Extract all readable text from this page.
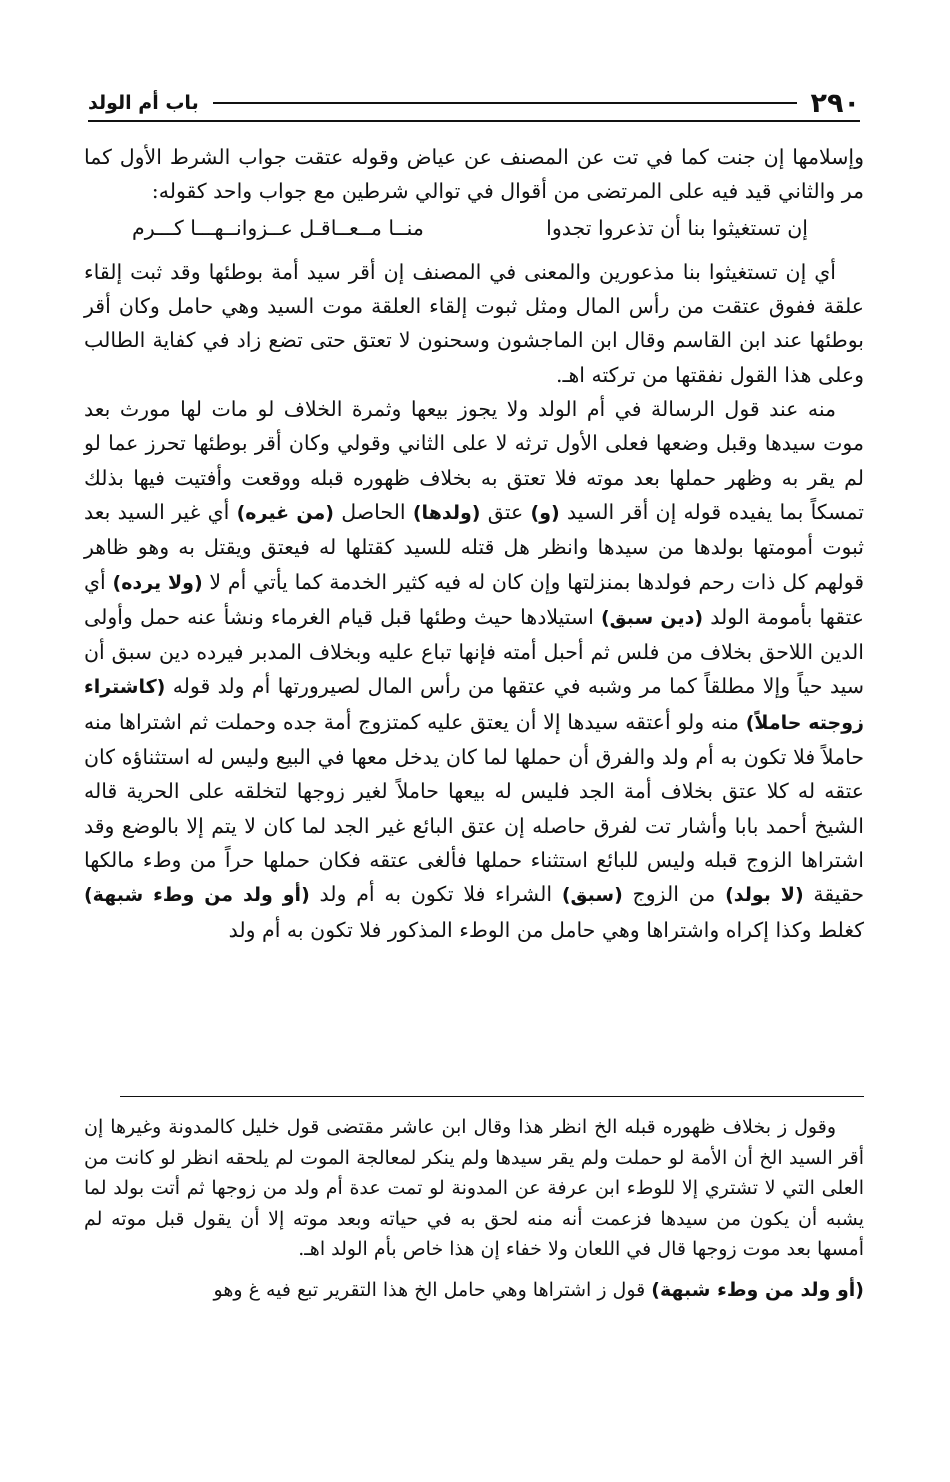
٢٩٠
باب أم الولد

وإسلامها إن جنت كما في تت عن المصنف عن عياض وقوله عتقت جواب الشرط الأول كما مر والثاني قيد فيه على المرتضى من أقوال في توالي شرطين مع جواب واحد كقوله:

إن تستغيثوا بنا أن تذعروا تجدوا
منــا مــعــاقـل عــزوانــهـــا كـــرم

أي إن تستغيثوا بنا مذعورين والمعنى في المصنف إن أقر سيد أمة بوطئها وقد ثبت إلقاء علقة ففوق عتقت من رأس المال ومثل ثبوت إلقاء العلقة موت السيد وهي حامل وكان أقر بوطئها عند ابن القاسم وقال ابن الماجشون وسحنون لا تعتق حتى تضع زاد في كفاية الطالب وعلى هذا القول نفقتها من تركته اهـ.

منه عند قول الرسالة في أم الولد ولا يجوز بيعها وثمرة الخلاف لو مات لها مورث بعد موت سيدها وقبل وضعها فعلى الأول ترثه لا على الثاني وقولي وكان أقر بوطئها تحرز عما لو لم يقر به وظهر حملها بعد موته فلا تعتق به بخلاف ظهوره قبله ووقعت وأفتيت فيها بذلك تمسكاً بما يفيده قوله إن أقر السيد (و) عتق (ولدها) الحاصل (من غيره) أي غير السيد بعد ثبوت أمومتها بولدها من سيدها وانظر هل قتله للسيد كقتلها له فيعتق ويقتل به وهو ظاهر قولهم كل ذات رحم فولدها بمنزلتها وإن كان له فيه كثير الخدمة كما يأتي أم لا (ولا يرده) أي عتقها بأمومة الولد (دين سبق) استيلادها حيث وطئها قبل قيام الغرماء ونشأ عنه حمل وأولى الدين اللاحق بخلاف من فلس ثم أحبل أمته فإنها تباع عليه وبخلاف المدبر فيرده دين سبق أن سيد حياً وإلا مطلقاً كما مر وشبه في عتقها من رأس المال لصيرورتها أم ولد قوله (كاشتراء زوجته حاملاً) منه ولو أعتقه سيدها إلا أن يعتق عليه كمتزوج أمة جده وحملت ثم اشتراها منه حاملاً فلا تكون به أم ولد والفرق أن حملها لما كان يدخل معها في البيع وليس له استثناؤه كان عتقه له كلا عتق بخلاف أمة الجد فليس له بيعها حاملاً لغير زوجها لتخلقه على الحرية قاله الشيخ أحمد بابا وأشار تت لفرق حاصله إن عتق البائع غير الجد لما كان لا يتم إلا بالوضع وقد اشتراها الزوج قبله وليس للبائع استثناء حملها فألغى عتقه فكان حملها حراً من وطء مالكها حقيقة (لا بولد) من الزوج (سبق) الشراء فلا تكون به أم ولد (أو ولد من وطء شبهة) كغلط وكذا إكراه واشتراها وهي حامل من الوطء المذكور فلا تكون به أم ولد

وقول ز بخلاف ظهوره قبله الخ انظر هذا وقال ابن عاشر مقتضى قول خليل كالمدونة وغيرها إن أقر السيد الخ أن الأمة لو حملت ولم يقر سيدها ولم ينكر لمعالجة الموت لم يلحقه انظر لو كانت من العلى التي لا تشتري إلا للوطء ابن عرفة عن المدونة لو تمت عدة أم ولد من زوجها ثم أتت بولد لما يشبه أن يكون من سيدها فزعمت أنه منه لحق به في حياته وبعد موته إلا أن يقول قبل موته لم أمسها بعد موت زوجها قال في اللعان ولا خفاء إن هذا خاص بأم الولد اهـ.

(أو ولد من وطء شبهة) قول ز اشتراها وهي حامل الخ هذا التقرير تبع فيه غ وهو
